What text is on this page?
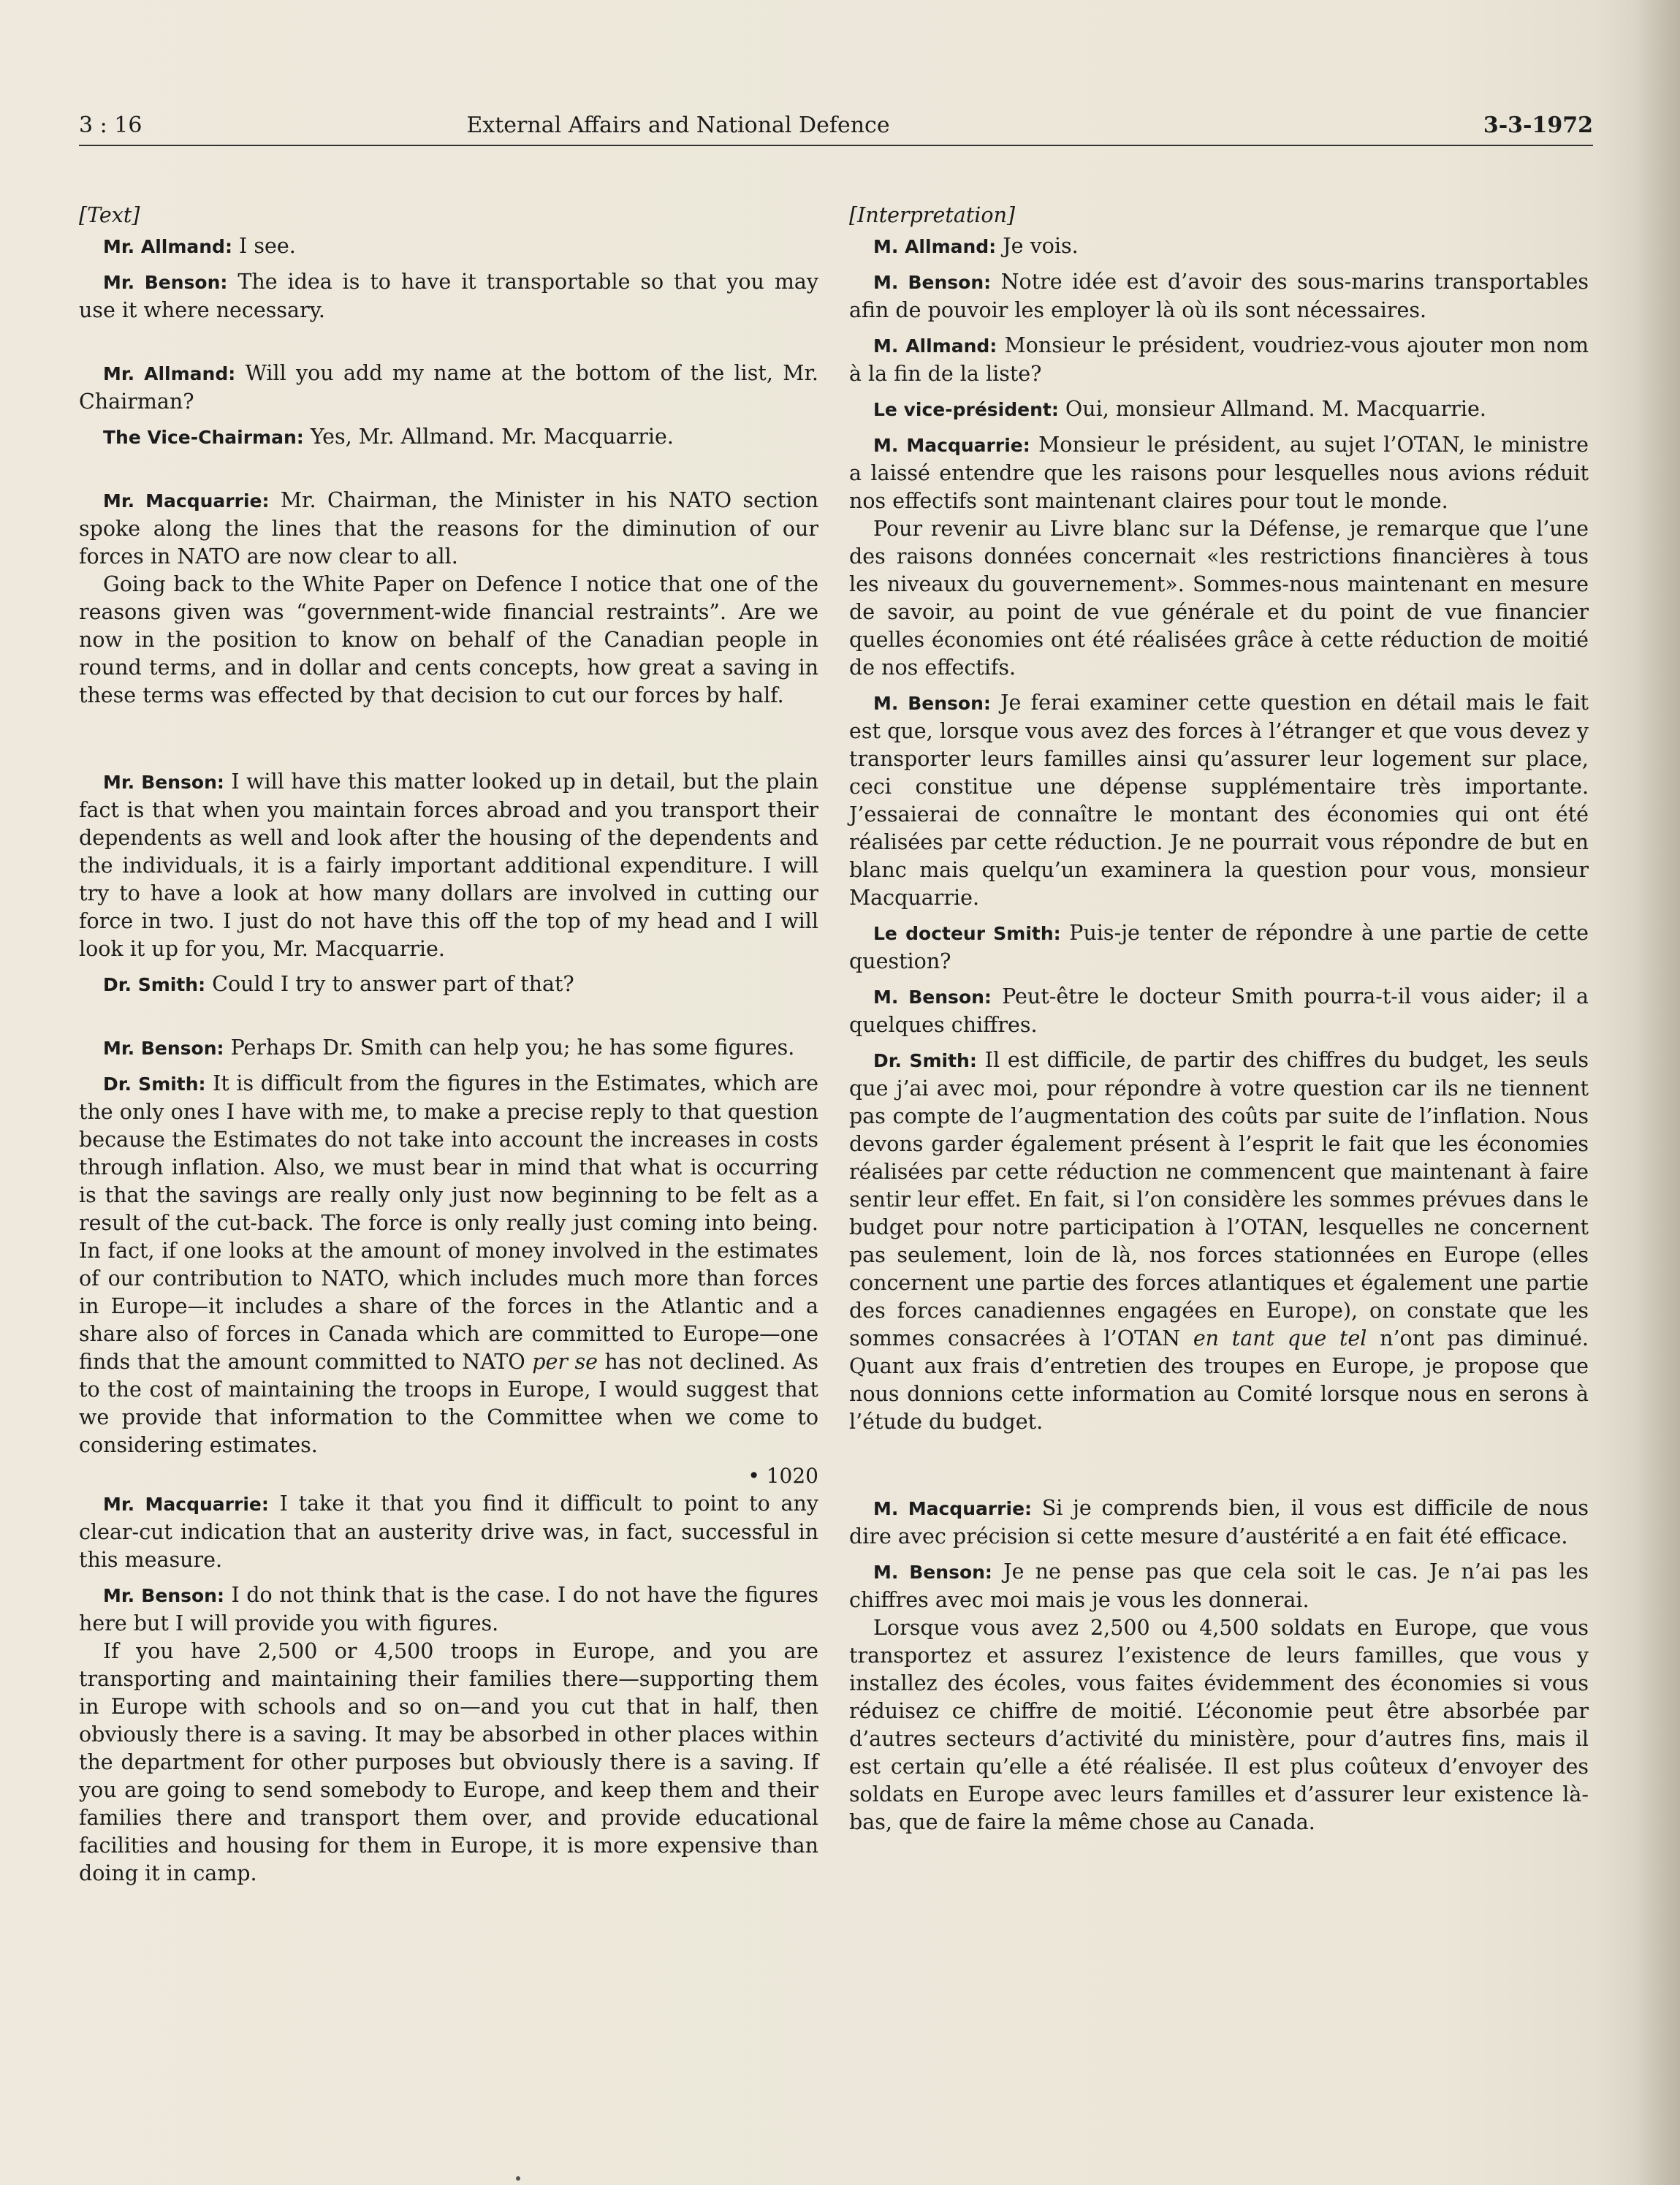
3 : 16	External Affairs and National Defence	3-3-1972
[Text]

Mr. Allmand: I see.

Mr. Benson: The idea is to have it transportable so that you may use it where necessary.

Mr. Allmand: Will you add my name at the bottom of the list, Mr. Chairman?

The Vice-Chairman: Yes, Mr. Allmand. Mr. Macquarrie.

Mr. Macquarrie: Mr. Chairman, the Minister in his NATO section spoke along the lines that the reasons for the diminution of our forces in NATO are now clear to all.

Going back to the White Paper on Defence I notice that one of the reasons given was “government-wide financial restraints”. Are we now in the position to know on behalf of the Canadian people in round terms, and in dollar and cents concepts, how great a saving in these terms was effected by that decision to cut our forces by half.

Mr. Benson: I will have this matter looked up in detail, but the plain fact is that when you maintain forces abroad and you transport their dependents as well and look after the housing of the dependents and the individuals, it is a fairly important additional expenditure. I will try to have a look at how many dollars are involved in cutting our force in two. I just do not have this off the top of my head and I will look it up for you, Mr. Macquarrie.

Dr. Smith: Could I try to answer part of that?

Mr. Benson: Perhaps Dr. Smith can help you; he has some figures.

Dr. Smith: It is difficult from the figures in the Estimates, which are the only ones I have with me, to make a precise reply to that question because the Estimates do not take into account the increases in costs through inflation. Also, we must bear in mind that what is occurring is that the savings are really only just now beginning to be felt as a result of the cut-back. The force is only really just coming into being. In fact, if one looks at the amount of money involved in the estimates of our contribution to NATO, which includes much more than forces in Europe—it includes a share of the forces in the Atlantic and a share also of forces in Canada which are committed to Europe—one finds that the amount committed to NATO per se has not declined. As to the cost of maintaining the troops in Europe, I would suggest that we provide that information to the Committee when we come to considering estimates.

• 1020

Mr. Macquarrie: I take it that you find it difficult to point to any clear-cut indication that an austerity drive was, in fact, successful in this measure.

Mr. Benson: I do not think that is the case. I do not have the figures here but I will provide you with figures.

If you have 2,500 or 4,500 troops in Europe, and you are transporting and maintaining their families there—supporting them in Europe with schools and so on—and you cut that in half, then obviously there is a saving. It may be absorbed in other places within the department for other purposes but obviously there is a saving. If you are going to send somebody to Europe, and keep them and their families there and transport them over, and provide educational facilities and housing for them in Europe, it is more expensive than doing it in camp.

[Interpretation]

M. Allmand: Je vois.

M. Benson: Notre idée est d’avoir des sous-marins transportables afin de pouvoir les employer là où ils sont nécessaires.

M. Allmand: Monsieur le président, voudriez-vous ajouter mon nom à la fin de la liste?

Le vice-président: Oui, monsieur Allmand. M. Macquarrie.

M. Macquarrie: Monsieur le président, au sujet l’OTAN, le ministre a laissé entendre que les raisons pour lesquelles nous avions réduit nos effectifs sont maintenant claires pour tout le monde.

Pour revenir au Livre blanc sur la Défense, je remarque que l’une des raisons données concernait «les restrictions financières à tous les niveaux du gouvernement». Sommes-nous maintenant en mesure de savoir, au point de vue générale et du point de vue financier quelles économies ont été réalisées grâce à cette réduction de moitié de nos effectifs.

M. Benson: Je ferai examiner cette question en détail mais le fait est que, lorsque vous avez des forces à l’étranger et que vous devez y transporter leurs familles ainsi qu’assurer leur logement sur place, ceci constitue une dépense supplémentaire très importante. J’essaierai de connaître le montant des économies qui ont été réalisées par cette réduction. Je ne pourrait vous répondre de but en blanc mais quelqu’un examinera la question pour vous, monsieur Macquarrie.

Le docteur Smith: Puis-je tenter de répondre à une partie de cette question?

M. Benson: Peut-être le docteur Smith pourra-t-il vous aider; il a quelques chiffres.

Dr. Smith: Il est difficile, de partir des chiffres du budget, les seuls que j’ai avec moi, pour répondre à votre question car ils ne tiennent pas compte de l’augmentation des coûts par suite de l’inflation. Nous devons garder également présent à l’esprit le fait que les économies réalisées par cette réduction ne commencent que maintenant à faire sentir leur effet. En fait, si l’on considère les sommes prévues dans le budget pour notre participation à l’OTAN, lesquelles ne concernent pas seulement, loin de là, nos forces stationnées en Europe (elles concernent une partie des forces atlantiques et également une partie des forces canadiennes engagées en Europe), on constate que les sommes consacrées à l’OTAN en tant que tel n’ont pas diminué. Quant aux frais d’entretien des troupes en Europe, je propose que nous donnions cette information au Comité lorsque nous en serons à l’étude du budget.

M. Macquarrie: Si je comprends bien, il vous est difficile de nous dire avec précision si cette mesure d’austérité a en fait été efficace.

M. Benson: Je ne pense pas que cela soit le cas. Je n’ai pas les chiffres avec moi mais je vous les donnerai.

Lorsque vous avez 2,500 ou 4,500 soldats en Europe, que vous transportez et assurez l’existence de leurs familles, que vous y installez des écoles, vous faites évidemment des économies si vous réduisez ce chiffre de moitié. L’économie peut être absorbée par d’autres secteurs d’activité du ministère, pour d’autres fins, mais il est certain qu’elle a été réalisée. Il est plus coûteux d’envoyer des soldats en Europe avec leurs familles et d’assurer leur existence là-bas, que de faire la même chose au Canada.
